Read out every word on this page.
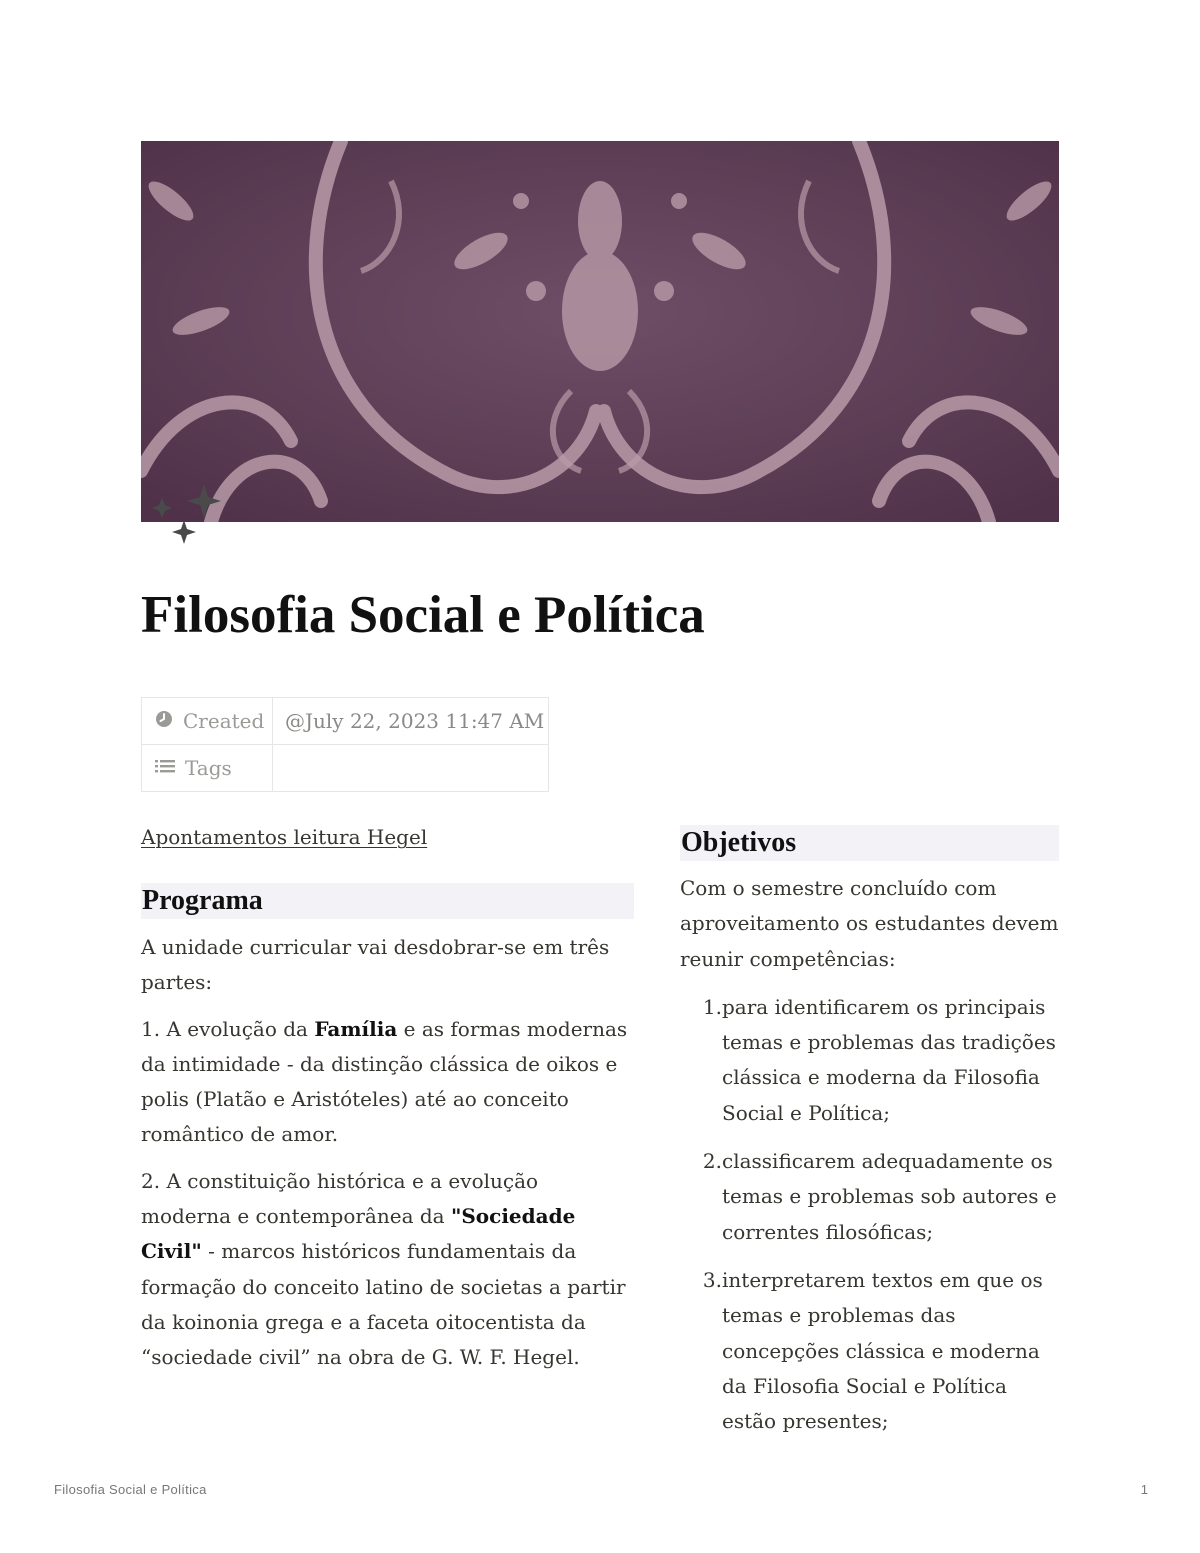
Filosofia Social e Política
Created	@July 22, 2023 11:47 AM

Tags	

Apontamentos leitura Hegel
Programa

A unidade curricular vai desdobrar-se em três partes:

1. A evolução da Família e as formas modernas da intimidade - da distinção clássica de oikos e polis (Platão e Aristóteles) até ao conceito romântico de amor.

2. A constituição histórica e a evolução moderna e contemporânea da "Sociedade Civil" - marcos históricos fundamentais da formação do conceito latino de societas a partir da koinonia grega e a faceta oitocentista da “sociedade civil” na obra de G. W. F. Hegel.

Objetivos

Com o semestre concluído com aproveitamento os estudantes devem reunir competências:

1. para identificarem os principais temas e problemas das tradições clássica e moderna da Filosofia Social e Política;
2. classificarem adequadamente os temas e problemas sob autores e correntes filosóficas;
3. interpretarem textos em que os temas e problemas das concepções clássica e moderna da Filosofia Social e Política estão presentes;
Filosofia Social e Política	1
